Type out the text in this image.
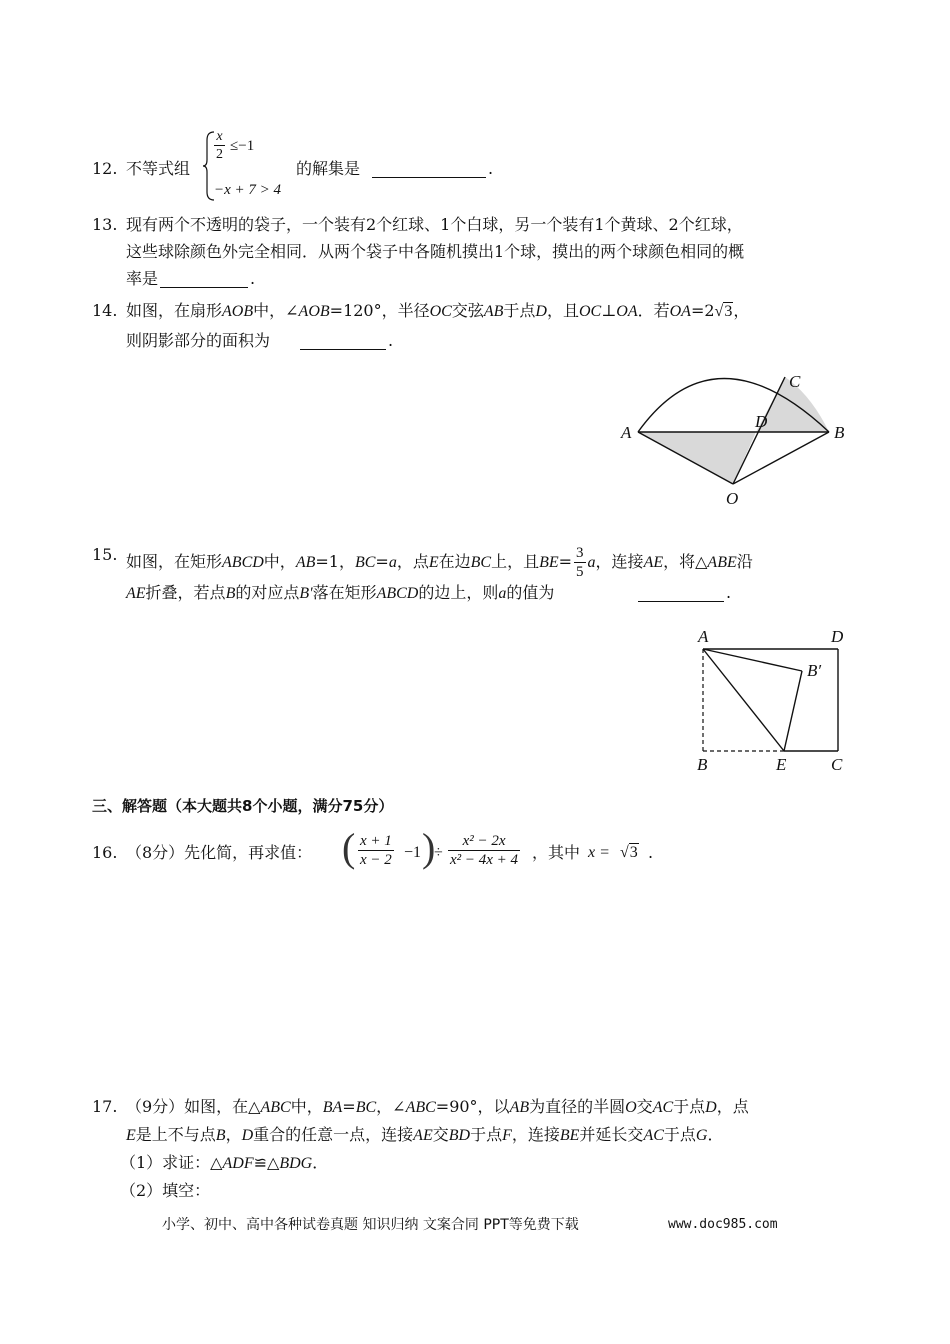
12. 不等式组
$\frac{x}{2} \le-1$
−x + 7 > 4
的解集是	.
13. 现有两个不透明的袋子，一个装有2个红球、1个白球，另一个装有1个黄球、2个红球，
这些球除颜色外完全相同．从两个袋子中各随机摸出1个球，摸出的两个球颜色相同的概
率是	.
14. 如图，在扇形AOB中，∠AOB=120°，半径OC交弦AB于点D，且OC⊥OA．若OA=2√3，
则阴影部分的面积为	.
A	B
C
D
O
15. 如图，在矩形ABCD中，AB=1，BC=a，点E在边BC上，且$BE= \frac{3}{5}$ a，连接AE，将△ABE沿
AE折叠，若点B的对应点B'落在矩形ABCD的边上，则a的值为	.
A	D
B′
B	E	C
三、解答题（本大题共8个小题，满分75分）
16. （8分）先化简，再求值： ( $\frac{x + 1}{x - 2} -1$ )
÷ $\frac{\text{x² − 2x}}{\text{x² − 4x + 4}}$ ，其中 x = √3 .
17. （9分）如图，在△ABC中，BA=BC，∠ABC=90°，以AB为直径的半圆O交AC于点D，点
E是上不与点B，D重合的任意一点，连接AE交BD于点F，连接BE并延长交AC于点G．
（1）求证：△ADF≌△BDG．
（2）填空：
小学、初中、高中各种试卷真题 知识归纳 文案合同 PPT等免费下载	www.doc985.com
